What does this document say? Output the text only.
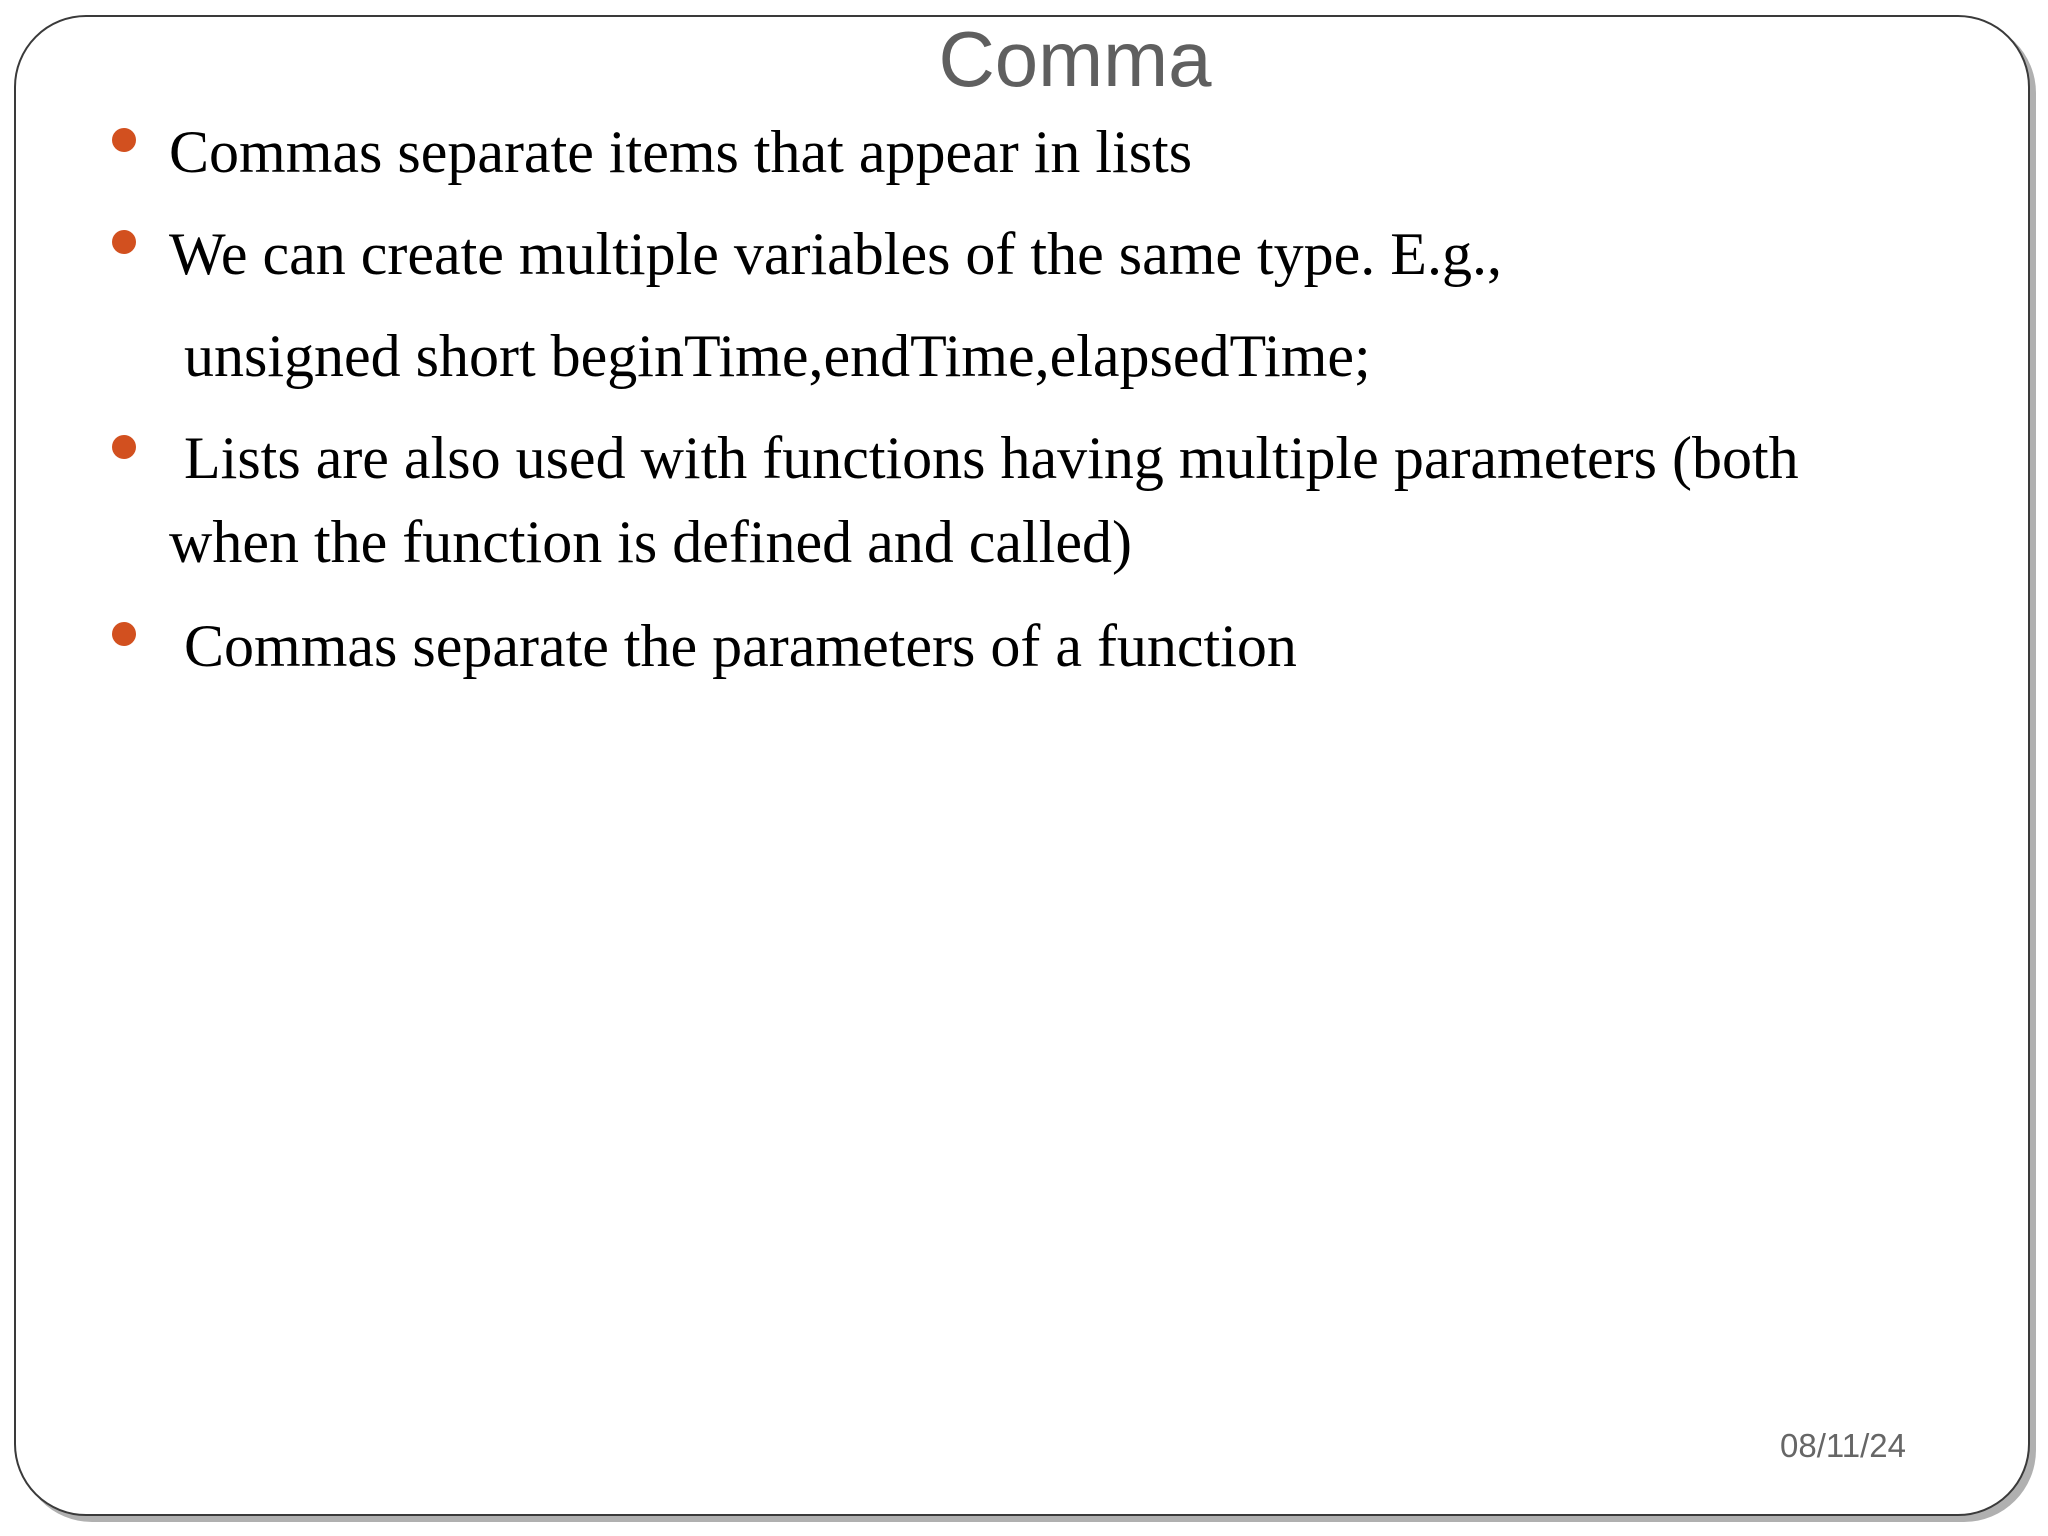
Comma
Commas separate items that appear in lists
We can create multiple variables of the same type. E.g.,
unsigned short beginTime,endTime,elapsedTime;
Lists are also used with functions having multiple parameters (both
when the function is defined and called)
Commas separate the parameters of a function
08/11/24
